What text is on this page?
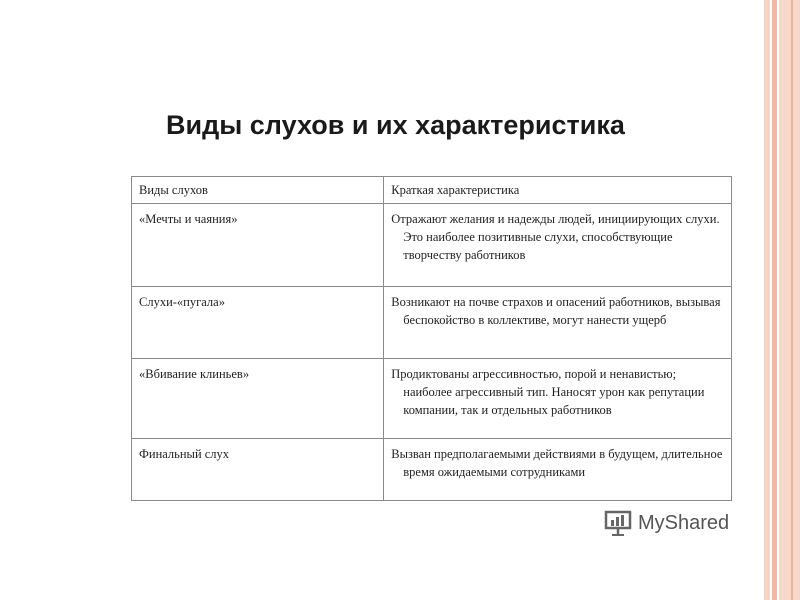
Виды слухов и их характеристика
Виды слухов	Краткая характеристика
«Мечты и чаяния»	Отражают желания и надежды людей, инициирующих слухи. Это наиболее позитивные слухи, способствующие творчеству работников

Слухи-«пугала»	Возникают на почве страхов и опасений работников, вызывая беспокойство в коллективе, могут нанести ущерб

«Вбивание клиньев»	Продиктованы агрессивностью, порой и ненавистью; наиболее агрессивный тип. Наносят урон как репутации компании, так и отдельных работников

Финальный слух	Вызван предполагаемыми действиями в будущем, длительное время ожидаемыми сотрудниками
MyShared
